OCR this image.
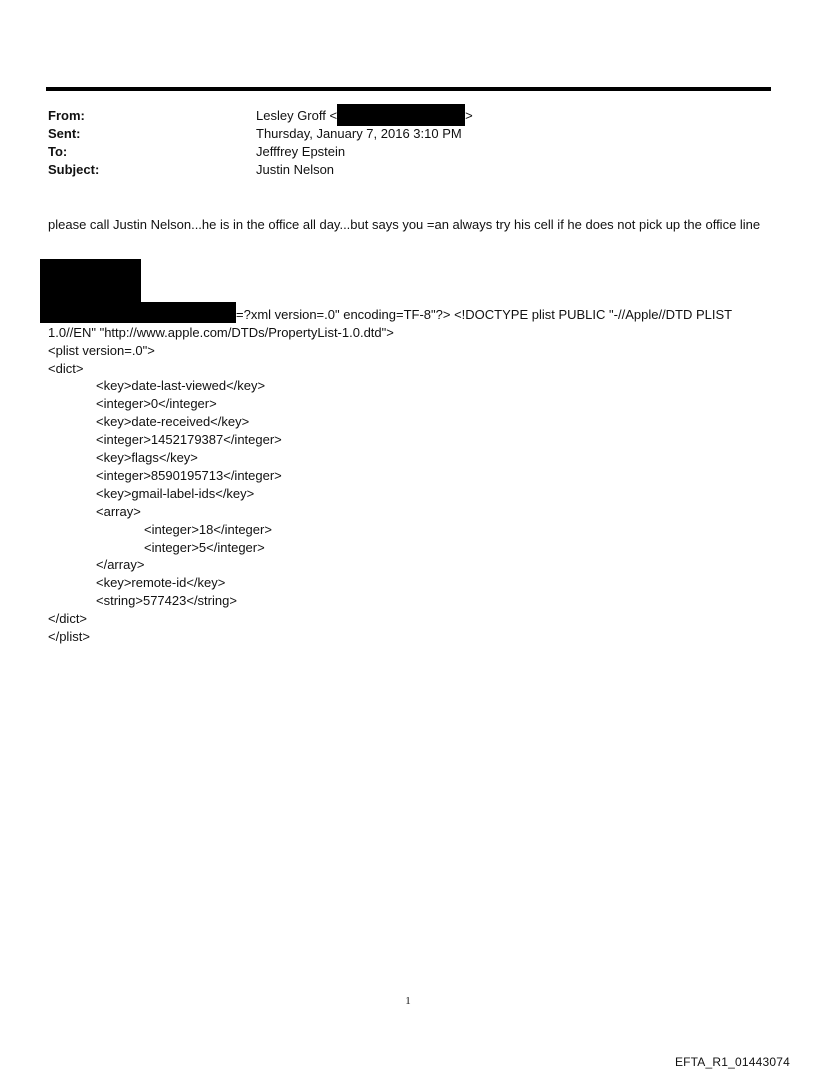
From:	Lesley Groff <	>
Sent:	Thursday, January 7, 2016 3:10 PM
To:	Jefffrey Epstein
Subject:	Justin Nelson
please call Justin Nelson...he is in the office all day...but says you =an always try his cell if he does not pick up the office line
=?xml version=.0" encoding=TF-8"?> <!DOCTYPE plist PUBLIC "-//Apple//DTD PLIST
1.0//EN" "http://www.apple.com/DTDs/PropertyList-1.0.dtd">
<plist version=.0">
<dict>
<key>date-last-viewed</key>
<integer>0</integer>
<key>date-received</key>
<integer>1452179387</integer>
<key>flags</key>
<integer>8590195713</integer>
<key>gmail-label-ids</key>
<array>
<integer>18</integer>
<integer>5</integer>
</array>
<key>remote-id</key>
<string>577423</string>
</dict>
</plist>
1
EFTA_R1_01443074
